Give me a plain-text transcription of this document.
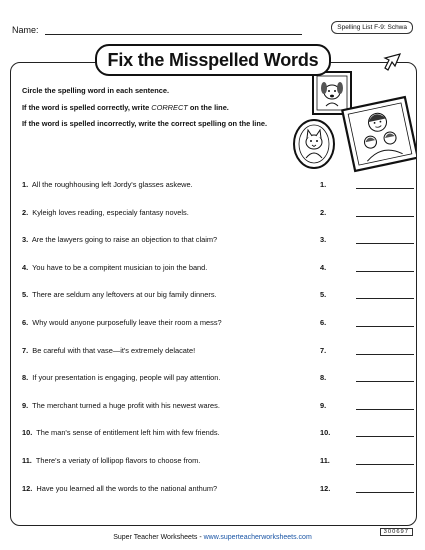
Name:	Spelling List F-9: Schwa
Fix the Misspelled Words

Circle the spelling word in each sentence.

If the word is spelled correctly, write CORRECT on the line.

If the word is spelled incorrectly, write the correct spelling on the line.

1. All the roughhousing left Jordy's glasses askewe.	1.
2. Kyleigh loves reading, especialy fantasy novels.	2.
3. Are the lawyers going to raise an objection to that claim?	3.
4. You have to be a compitent musician to join the band.	4.
5. There are seldum any leftovers at our big family dinners.	5.
6. Why would anyone purposefully leave their room a mess?	6.
7. Be careful with that vase—it's extremely delacate!	7.
8. If your presentation is engaging, people will pay attention.	8.
9. The merchant turned a huge profit with his newest wares.	9.
10. The man's sense of entitlement left him with few friends.	10.
11. There's a veriaty of lollipop flavors to choose from.	11.
12. Have you learned all the words to the national anthum?	12.
Super Teacher Worksheets - www.superteacherworksheets.com
300697
